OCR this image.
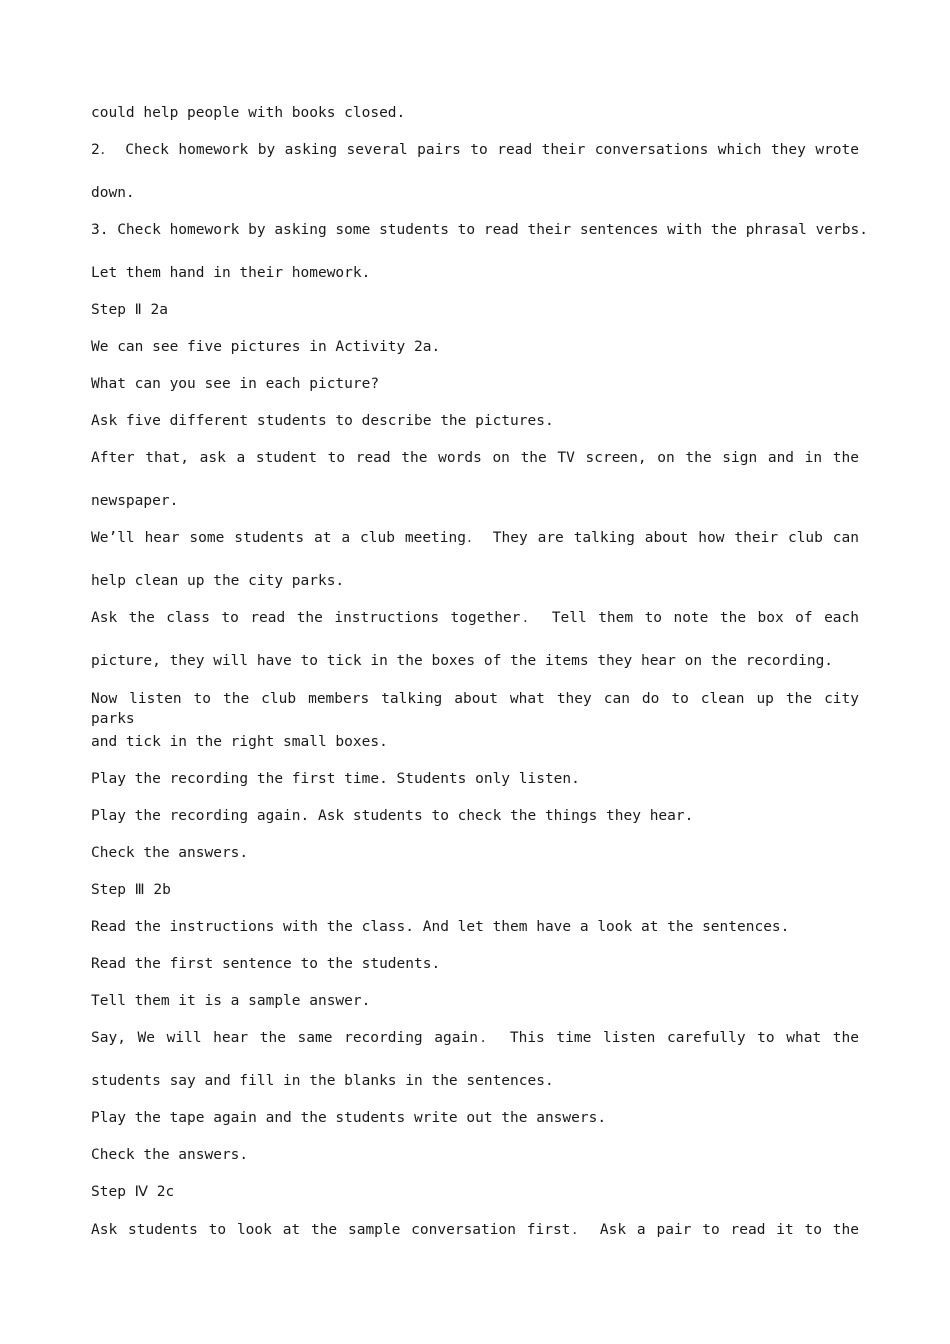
could help people with books closed.
2． Check homework by asking several pairs to read their conversations which they wrote
down.
3. Check homework by asking some students to read their sentences with the phrasal verbs.
Let them hand in their homework.
Step Ⅱ 2a
We can see five pictures in Activity 2a.
What can you see in each picture?
Ask five different students to describe the pictures.
After that, ask a student to read the words on the TV screen, on the sign and in the
newspaper.
We’ll hear some students at a club meeting． They are talking about how their club can
help clean up the city parks.
Ask the class to read the instructions together． Tell them to note the box of each
picture, they will have to tick in the boxes of the items they hear on the recording.
Now listen to the club members talking about what they can do to clean up the city parks
and tick in the right small boxes.
Play the recording the first time. Students only listen.
Play the recording again. Ask students to check the things they hear.
Check the answers.
Step Ⅲ 2b
Read the instructions with the class. And let them have a look at the sentences.
Read the first sentence to the students.
Tell them it is a sample answer.
Say, We will hear the same recording again． This time listen carefully to what the
students say and fill in the blanks in the sentences.
Play the tape again and the students write out the answers.
Check the answers.
Step Ⅳ 2c
Ask students to look at the sample conversation first． Ask a pair to read it to the
